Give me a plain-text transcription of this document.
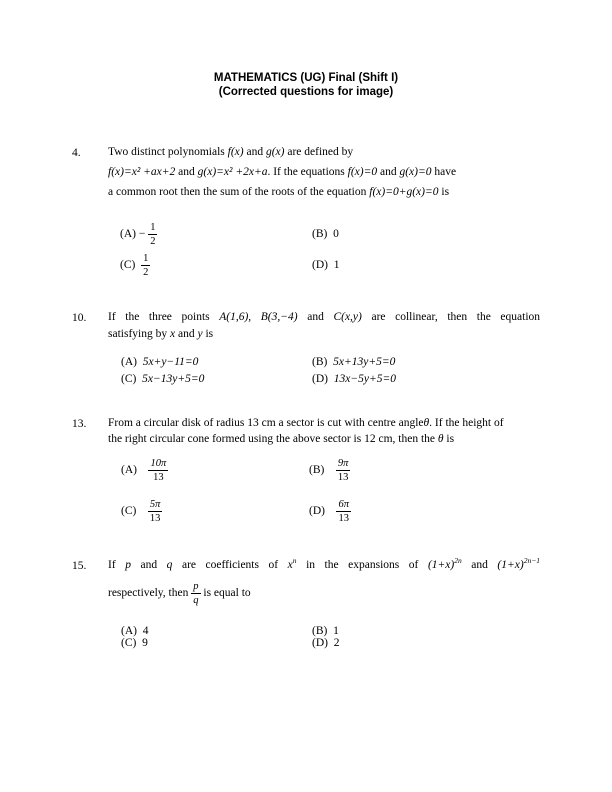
MATHEMATICS (UG) Final (Shift I)
(Corrected questions for image)
4. Two distinct polynomials f(x) and g(x) are defined by
f(x)=x² +ax+2 and g(x)=x² +2x+a. If the equations f(x)=0 and g(x)=0 have
a common root then the sum of the roots of the equation f(x)=0+g(x)=0 is
$(A) - \frac{1}{2}$	(B) 0
$(C) \frac{1}{2}$	(D) 1
10. If the three points A(1,6), B(3,−4) and C(x,y) are collinear, then the equation
satisfying by x and y is
(A) 5x+y−11=0	(B) 5x+13y+5=0
(C) 5x−13y+5=0	(D) 13x−5y+5=0
13. From a circular disk of radius 13 cm a sector is cut with centre angleθ. If the height of
the right circular cone formed using the above sector is 12 cm, then the θ is
$(A) \frac{10\pi}{13}$	$(B) \frac{9\pi}{13}$
$(C) \frac{5\pi}{13}$	$(D) \frac{6\pi}{13}$
15. If p and q are coefficients of $x^n$ in the expansions of $(1+x)^{2n}$ and $(1+x)^{2n-1}$
respectively, then $\frac{p}{q}$ is equal to
(A) 4	(B) 1
(C) 9	(D) 2
